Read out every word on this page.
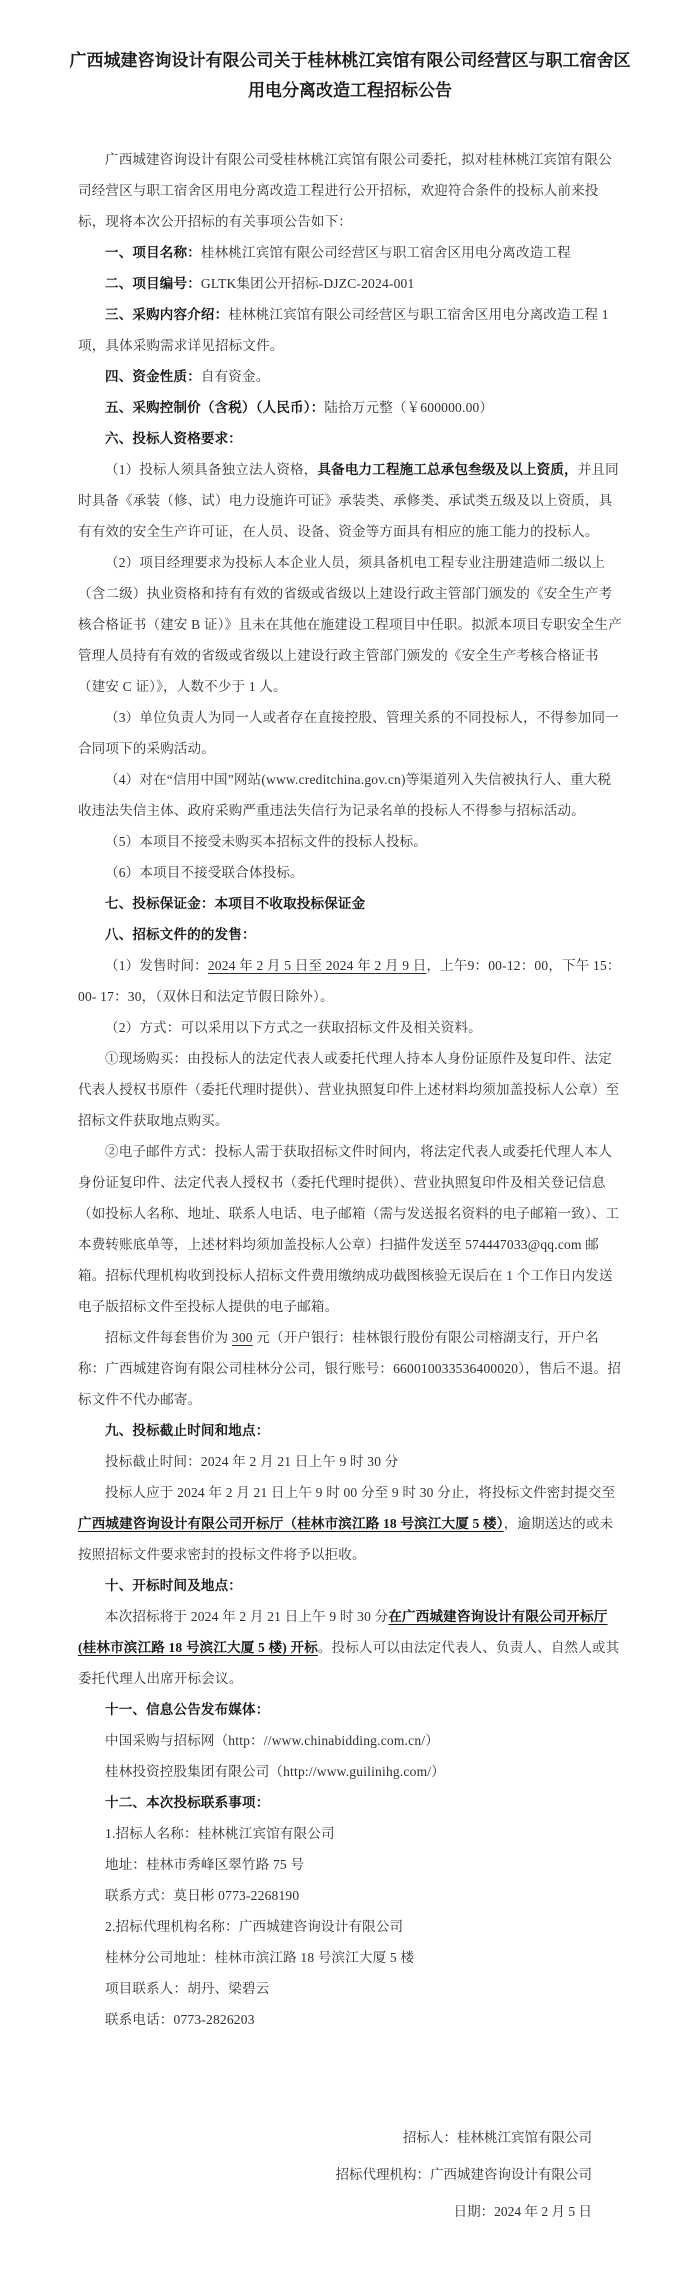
广西城建咨询设计有限公司关于桂林桃江宾馆有限公司经营区与职工宿舍区用电分离改造工程招标公告

广西城建咨询设计有限公司受桂林桃江宾馆有限公司委托，拟对桂林桃江宾馆有限公司经营区与职工宿舍区用电分离改造工程进行公开招标，欢迎符合条件的投标人前来投标，现将本次公开招标的有关事项公告如下：

一、项目名称：桂林桃江宾馆有限公司经营区与职工宿舍区用电分离改造工程

二、项目编号：GLTK集团公开招标-DJZC-2024-001

三、采购内容介绍：桂林桃江宾馆有限公司经营区与职工宿舍区用电分离改造工程 1 项，具体采购需求详见招标文件。

四、资金性质：自有资金。

五、采购控制价（含税）（人民币）：陆拾万元整（￥600000.00）

六、投标人资格要求：

（1）投标人须具备独立法人资格，具备电力工程施工总承包叁级及以上资质，并且同时具备《承装（修、试）电力设施许可证》承装类、承修类、承试类五级及以上资质，具有有效的安全生产许可证，在人员、设备、资金等方面具有相应的施工能力的投标人。

（2）项目经理要求为投标人本企业人员，须具备机电工程专业注册建造师二级以上（含二级）执业资格和持有有效的省级或省级以上建设行政主管部门颁发的《安全生产考核合格证书（建安 B 证）》且未在其他在施建设工程项目中任职。拟派本项目专职安全生产管理人员持有有效的省级或省级以上建设行政主管部门颁发的《安全生产考核合格证书（建安 C 证）》，人数不少于 1 人。

（3）单位负责人为同一人或者存在直接控股、管理关系的不同投标人，不得参加同一合同项下的采购活动。

（4）对在“信用中国”网站(www.creditchina.gov.cn)等渠道列入失信被执行人、重大税收违法失信主体、政府采购严重违法失信行为记录名单的投标人不得参与招标活动。

（5）本项目不接受未购买本招标文件的投标人投标。

（6）本项目不接受联合体投标。

七、投标保证金：本项目不收取投标保证金

八、招标文件的的发售：

（1）发售时间：2024 年 2 月 5 日至 2024 年 2 月 9 日，上午9：00-12：00，下午 15：00- 17：30，（双休日和法定节假日除外）。

（2）方式：可以采用以下方式之一获取招标文件及相关资料。

①现场购买：由投标人的法定代表人或委托代理人持本人身份证原件及复印件、法定代表人授权书原件（委托代理时提供）、营业执照复印件上述材料均须加盖投标人公章）至招标文件获取地点购买。

②电子邮件方式：投标人需于获取招标文件时间内，将法定代表人或委托代理人本人身份证复印件、法定代表人授权书（委托代理时提供）、营业执照复印件及相关登记信息（如投标人名称、地址、联系人电话、电子邮箱（需与发送报名资料的电子邮箱一致）、工本费转账底单等，上述材料均须加盖投标人公章）扫描件发送至 574447033@qq.com 邮箱。招标代理机构收到投标人招标文件费用缴纳成功截图核验无误后在 1 个工作日内发送电子版招标文件至投标人提供的电子邮箱。

招标文件每套售价为 300 元（开户银行：桂林银行股份有限公司榕湖支行，开户名称：广西城建咨询有限公司桂林分公司，银行账号：660010033536400020），售后不退。招标文件不代办邮寄。

九、投标截止时间和地点：

投标截止时间：2024 年 2 月 21 日上午 9 时 30 分

投标人应于 2024 年 2 月 21 日上午 9 时 00 分至 9 时 30 分止，将投标文件密封提交至广西城建咨询设计有限公司开标厅（桂林市滨江路 18 号滨江大厦 5 楼），逾期送达的或未按照招标文件要求密封的投标文件将予以拒收。

十、开标时间及地点：

本次招标将于 2024 年 2 月 21 日上午 9 时 30 分在广西城建咨询设计有限公司开标厅(桂林市滨江路 18 号滨江大厦 5 楼) 开标。投标人可以由法定代表人、负责人、自然人或其委托代理人出席开标会议。

十一、信息公告发布媒体：

中国采购与招标网（http：//www.chinabidding.com.cn/）

桂林投资控股集团有限公司（http://www.guilinihg.com/）

十二、本次投标联系事项：

1.招标人名称：桂林桃江宾馆有限公司

地址：桂林市秀峰区翠竹路 75 号

联系方式：莫日彬 0773-2268190

2.招标代理机构名称：广西城建咨询设计有限公司

桂林分公司地址：桂林市滨江路 18 号滨江大厦 5 楼

项目联系人：胡丹、梁碧云

联系电话：0773-2826203

招标人：桂林桃江宾馆有限公司

招标代理机构：广西城建咨询设计有限公司

日期：2024 年 2 月 5 日
